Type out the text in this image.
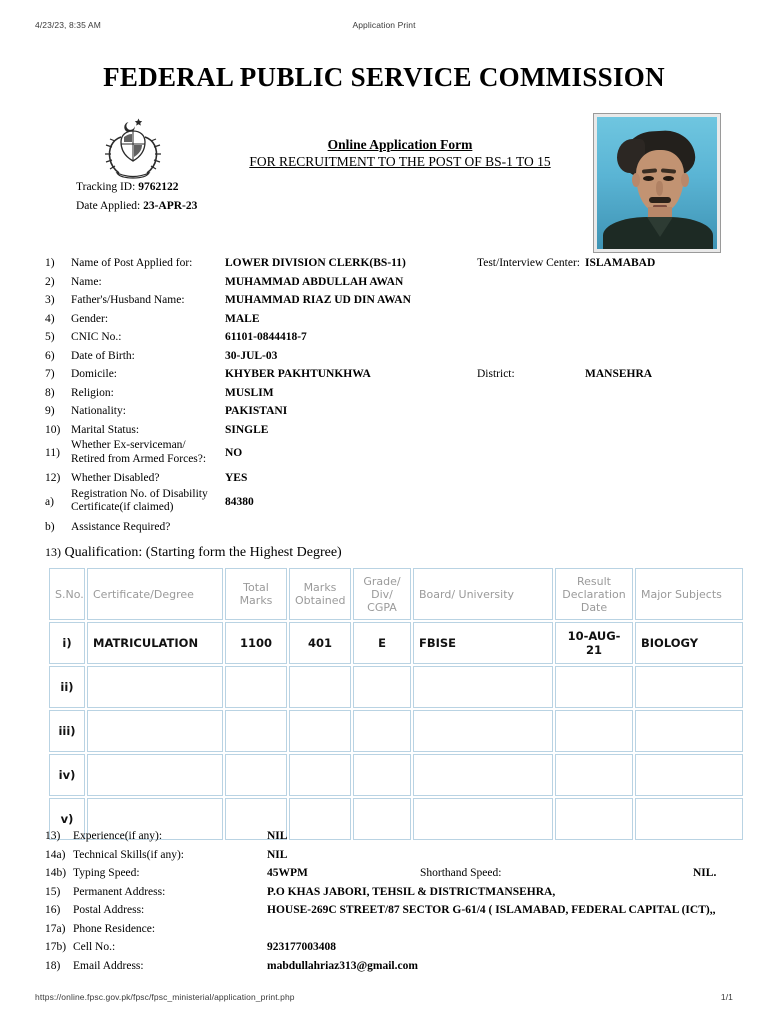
4/23/23, 8:35 AM	Application Print
FEDERAL PUBLIC SERVICE COMMISSION
Online Application Form
FOR RECRUITMENT TO THE POST OF BS-1 TO 15
Tracking ID: 9762122
Date Applied: 23-APR-23
1)	Name of Post Applied for:	LOWER DIVISION CLERK(BS-11)	Test/Interview Center: ISLAMABAD
2)	Name:	MUHAMMAD ABDULLAH AWAN
3)	Father's/Husband Name:	MUHAMMAD RIAZ UD DIN AWAN
4)	Gender:	MALE
5)	CNIC No.:	61101-0844418-7
6)	Date of Birth:	30-JUL-03
7)	Domicile:	KHYBER PAKHTUNKHWA	District:	MANSEHRA
8)	Religion:	MUSLIM
9)	Nationality:	PAKISTANI
10) Marital Status:	SINGLE
11)
Whether Ex-serviceman/
Retired from Armed Forces?:	NO
12) Whether Disabled?	YES
a)
Registration No. of Disability
Certificate(if claimed)	84380
b)	Assistance Required?
13) Qualification: (Starting form the Highest Degree)
S.No.	Certificate/Degree	Total Marks	Marks Obtained	Grade/ Div/ CGPA	Board/ University	Result Declaration Date	Major Subjects
i)	MATRICULATION	1100	401	E	FBISE	10-AUG-21	BIOLOGY
ii)							
iii)							
iv)							
v)							
13)	Experience(if any):	NIL
14a) Technical Skills(if any):	NIL
14b) Typing Speed:	45WPM	Shorthand Speed:	NIL.
15)	Permanent Address:	P.O KHAS JABORI, TEHSIL & DISTRICTMANSEHRA,
16)	Postal Address:	HOUSE-269C STREET/87 SECTOR G-61/4 ( ISLAMABAD, FEDERAL CAPITAL (ICT),,
17a) Phone Residence:
17b) Cell No.:	923177003408
18)	Email Address:	mabdullahriaz313@gmail.com
https://online.fpsc.gov.pk/fpsc/fpsc_ministerial/application_print.php	1/1
